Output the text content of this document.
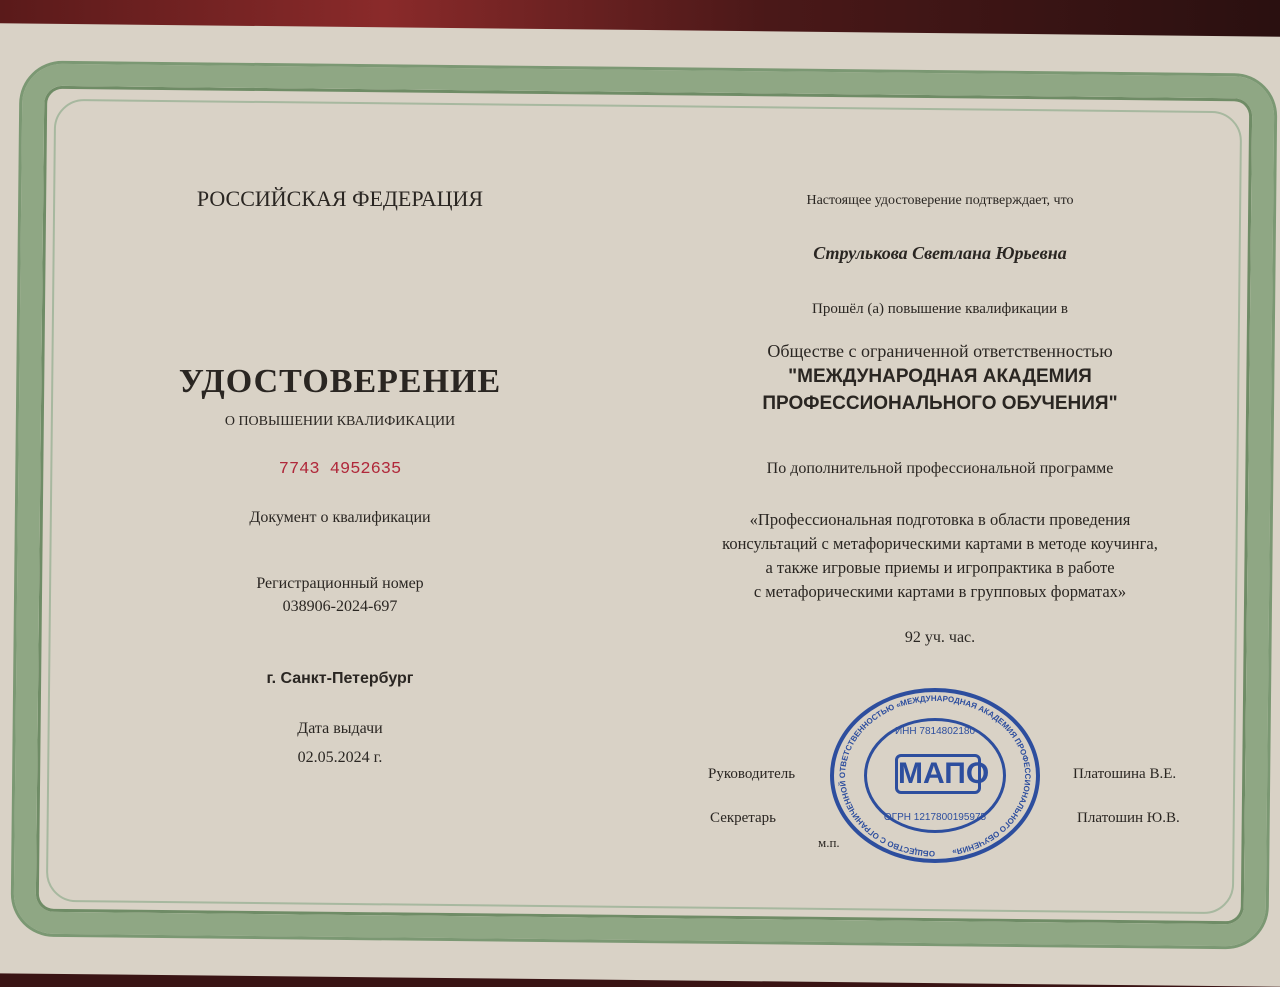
РОССИЙСКАЯ ФЕДЕРАЦИЯ
УДОСТОВЕРЕНИЕ
О ПОВЫШЕНИИ КВАЛИФИКАЦИИ
7743 4952635
Документ о квалификации
Регистрационный номер
038906-2024-697
г. Санкт-Петербург
Дата выдачи
02.05.2024 г.
Настоящее удостоверение подтверждает, что
Струлькова Светлана Юрьевна
Прошёл (а) повышение квалификации в
Обществе с ограниченной ответственностью
"МЕЖДУНАРОДНАЯ АКАДЕМИЯ
ПРОФЕССИОНАЛЬНОГО ОБУЧЕНИЯ"
По дополнительной профессиональной программе
«Профессиональная подготовка в области проведения
консультаций с метафорическими картами в методе коучинга,
а также игровые приемы и игропрактика в работе
с метафорическими картами в групповых форматах»
92 уч. час.
Руководитель	Платошина В.Е.
Секретарь	Платошин Ю.В.
м.п.
ОБЩЕСТВО С ОГРАНИЧЕННОЙ ОТВЕТСТВЕННОСТЬЮ «МЕЖДУНАРОДНАЯ АКАДЕМИЯ ПРОФЕССИОНАЛЬНОГО ОБУЧЕНИЯ»
ИНН 7814802180
МАПО
ОГРН 1217800195975
